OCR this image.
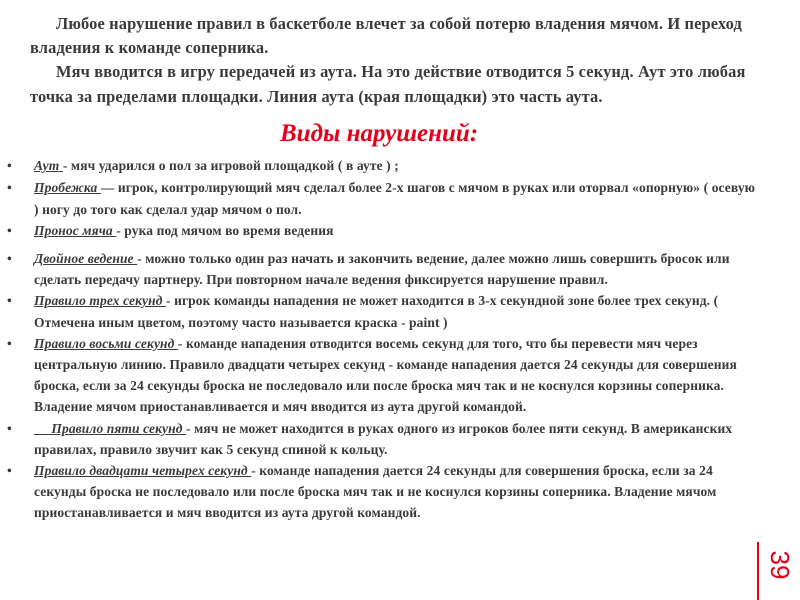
Любое нарушение правил в баскетболе влечет за собой потерю владения мячом. И переход владения к команде соперника.

Мяч вводится в игру передачей из аута. На это действие отводится 5 секунд. Аут это любая точка за пределами площадки. Линия аута (края площадки) это часть аута.

Виды нарушений:
• Аут - мяч ударился о пол за игровой площадкой ( в ауте ) ;
• Пробежка — игрок, контролирующий мяч сделал более 2-х шагов с мячом в руках или оторвал «опорную» ( осевую ) ногу до того как сделал удар мячом о пол.
• Пронос мяча - рука под мячом во время ведения
• Двойное ведение - можно только один раз начать и закончить ведение, далее можно лишь совершить бросок или сделать передачу партнеру. При повторном начале ведения фиксируется нарушение правил.
• Правило трех секунд - игрок команды нападения не может находится в 3-х секундной зоне более трех секунд. ( Отмечена иным цветом, поэтому часто называется краска - paint )
• Правило восьми секунд - команде нападения отводится восемь секунд для того, что бы перевести мяч через центральную линию. Правило двадцати четырех секунд - команде нападения дается 24 секунды для совершения броска, если за 24 секунды броска не последовало или после броска мяч так и не коснулся корзины соперника. Владение мячом приостанавливается и мяч вводится из аута другой командой.
• Правило пяти секунд - мяч не может находится в руках одного из игроков более пяти секунд. В американских правилах, правило звучит как 5 секунд спиной к кольцу.
• Правило двадцати четырех секунд - команде нападения дается 24 секунды для совершения броска, если за 24 секунды броска не последовало или после броска мяч так и не коснулся корзины соперника. Владение мячом приостанавливается и мяч вводится из аута другой командой.
39
